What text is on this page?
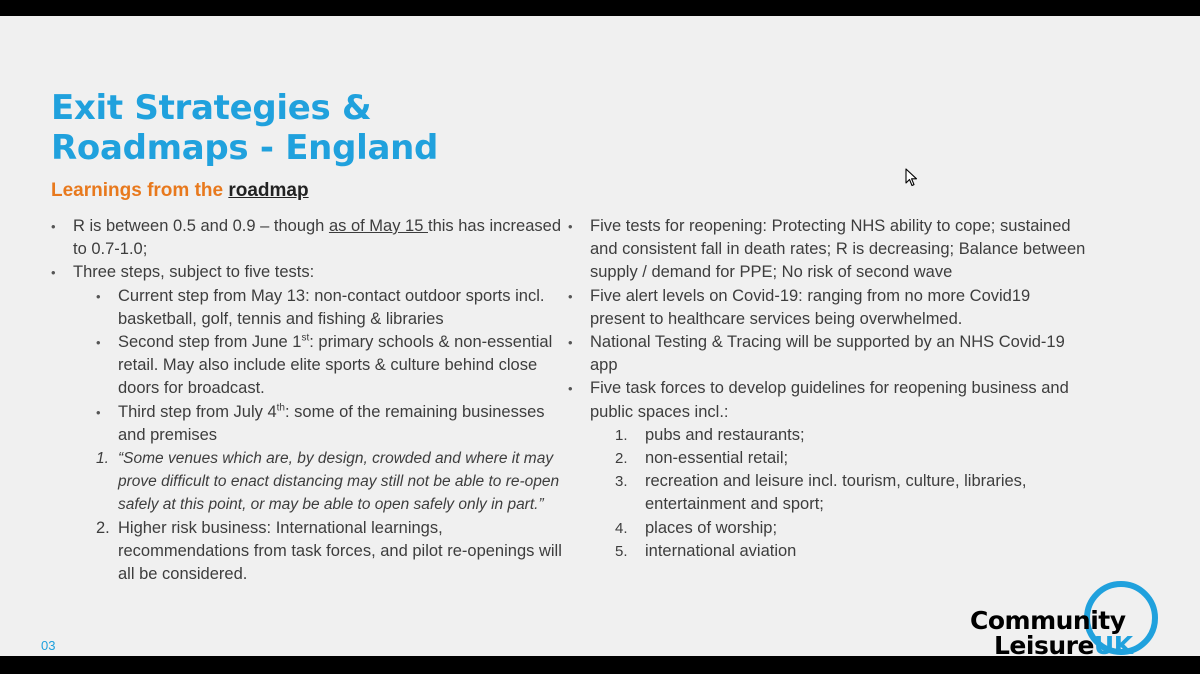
Exit Strategies &
Roadmaps - England
Learnings from the roadmap
• R is between 0.5 and 0.9 – though as of May 15 this has increased to 0.7-1.0;
• Three steps, subject to five tests:
• Current step from May 13: non-contact outdoor sports incl. basketball, golf, tennis and fishing & libraries
• Second step from June 1st: primary schools & non-essential retail. May also include elite sports & culture behind close doors for broadcast.
• Third step from July 4th: some of the remaining businesses and premises
1. “Some venues which are, by design, crowded and where it may prove difficult to enact distancing may still not be able to re-open safely at this point, or may be able to open safely only in part.”
2. Higher risk business: International learnings, recommendations from task forces, and pilot re-openings will all be considered.
• Five tests for reopening: Protecting NHS ability to cope; sustained and consistent fall in death rates; R is decreasing; Balance between supply / demand for PPE; No risk of second wave
• Five alert levels on Covid-19: ranging from no more Covid19 present to healthcare services being overwhelmed.
• National Testing & Tracing will be supported by an NHS Covid-19 app
• Five task forces to develop guidelines for reopening business and public spaces incl.:
1.	pubs and restaurants;
2.	non-essential retail;
3.	recreation and leisure incl. tourism, culture, libraries, entertainment and sport;
4.	places of worship;
5.	international aviation
03
Community
LeisureUK
